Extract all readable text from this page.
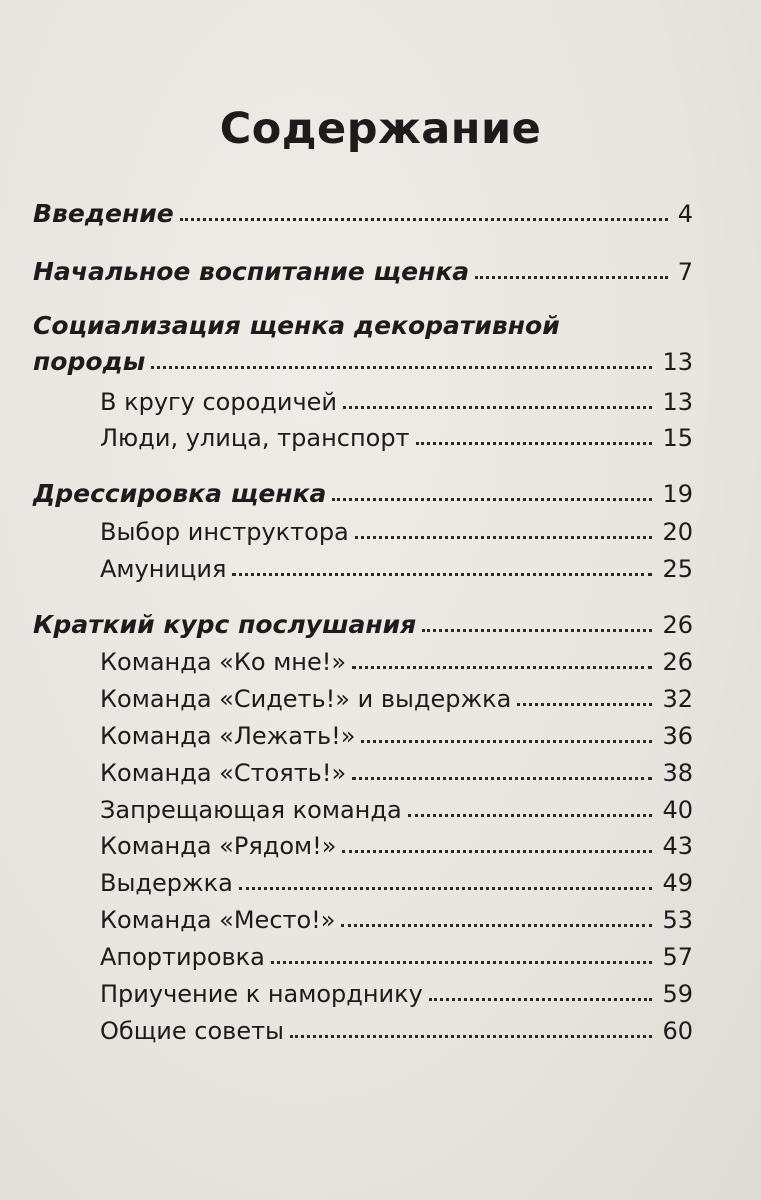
Содержание
Введение	4
Начальное воспитание щенка	7
Социализация щенка декоративной
породы	13
В кругу сородичей	13
Люди, улица, транспорт	15
Дрессировка щенка	19
Выбор инструктора	20
Амуниция	25
Краткий курс послушания	26
Команда «Ко мне!»	26
Команда «Сидеть!» и выдержка	32
Команда «Лежать!»	36
Команда «Стоять!»	38
Запрещающая команда	40
Команда «Рядом!»	43
Выдержка	49
Команда «Место!»	53
Апортировка	57
Приучение к наморднику	59
Общие советы	60
